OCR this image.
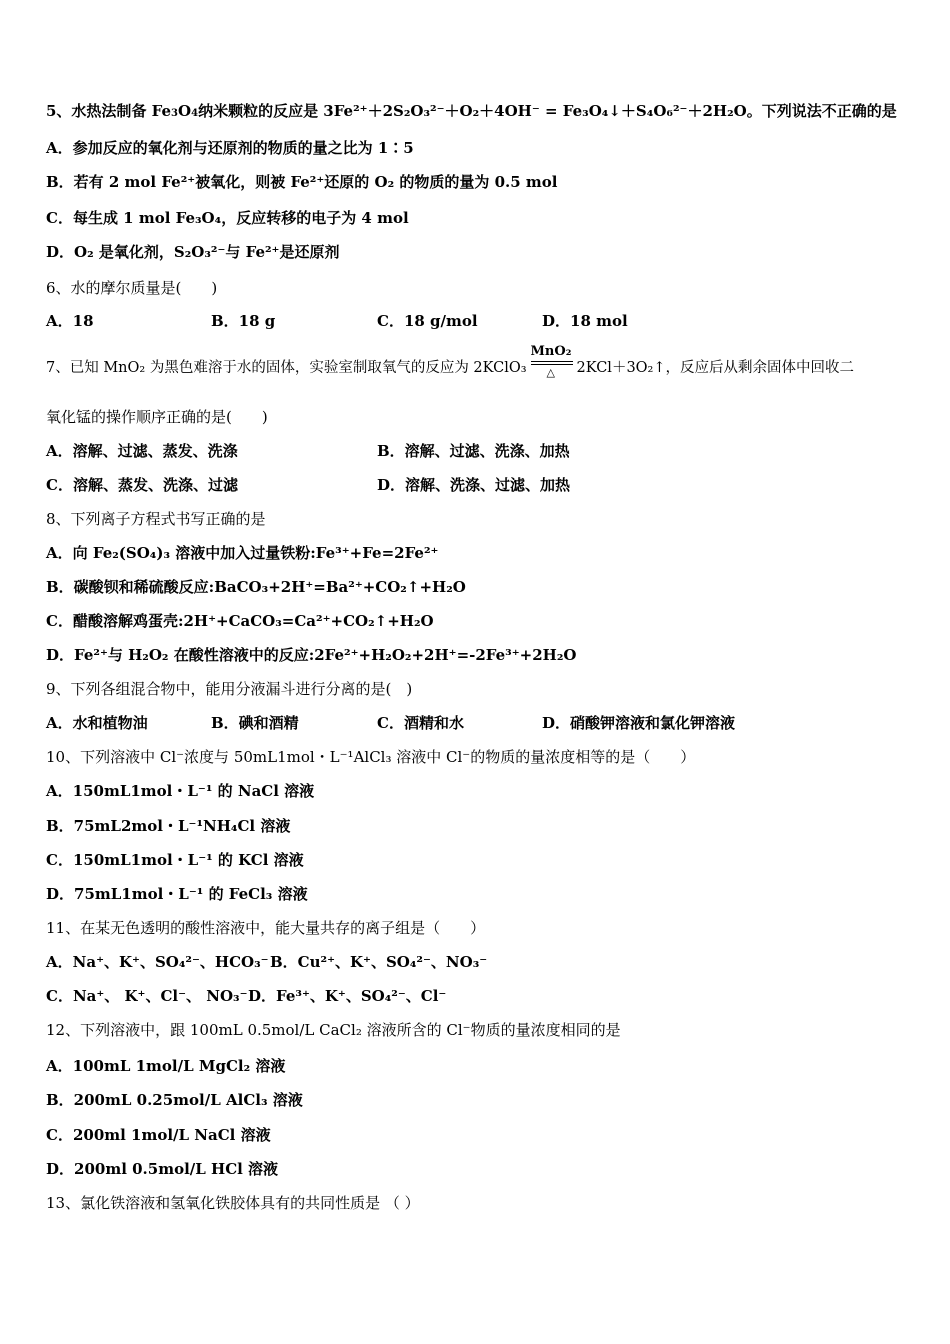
5、水热法制备 Fe3O4纳米颗粒的反应是 3Fe²⁺＋2S₂O₃²⁻＋O₂＋4OH⁻ = Fe₃O₄↓＋S₄O₆²⁻＋2H₂O。下列说法不正确的是
A．参加反应的氧化剂与还原剂的物质的量之比为 1∶5
B．若有 2 mol Fe²⁺被氧化，则被 Fe²⁺还原的 O₂ 的物质的量为 0.5 mol
C．每生成 1 mol Fe₃O₄，反应转移的电子为 4 mol
D．O₂ 是氧化剂，S₂O₃²⁻与 Fe²⁺是还原剂
6、水的摩尔质量是(　　)
A．18	B．18 g	C．18 g/mol	D．18 mol
7、已知 MnO₂ 为黑色难溶于水的固体，实验室制取氧气的反应为 2KClO₃
MnO₂
△ 2KCl＋3O₂↑，反应后从剩余固体中回收二
氧化锰的操作顺序正确的是(　　)
A．溶解、过滤、蒸发、洗涤	B．溶解、过滤、洗涤、加热
C．溶解、蒸发、洗涤、过滤	D．溶解、洗涤、过滤、加热
8、下列离子方程式书写正确的是
A．向 Fe₂(SO₄)₃ 溶液中加入过量铁粉:Fe³⁺+Fe=2Fe²⁺
B．碳酸钡和稀硫酸反应:BaCO₃+2H⁺=Ba²⁺+CO₂↑+H₂O
C．醋酸溶解鸡蛋壳:2H⁺+CaCO₃=Ca²⁺+CO₂↑+H₂O
D．Fe²⁺与 H₂O₂ 在酸性溶液中的反应:2Fe²⁺+H₂O₂+2H⁺=-2Fe³⁺+2H₂O
9、下列各组混合物中，能用分液漏斗进行分离的是(　)
A．水和植物油	B．碘和酒精	C．酒精和水	D．硝酸钾溶液和氯化钾溶液
10、下列溶液中 Cl⁻浓度与 50mL1mol・L⁻¹AlCl₃ 溶液中 Cl⁻的物质的量浓度相等的是（　　）
A．150mL1mol・L⁻¹ 的 NaCl 溶液
B．75mL2mol・L⁻¹NH₄Cl 溶液
C．150mL1mol・L⁻¹ 的 KCl 溶液
D．75mL1mol・L⁻¹ 的 FeCl₃ 溶液
11、在某无色透明的酸性溶液中，能大量共存的离子组是（　　）
A．Na⁺、K⁺、SO₄²⁻、HCO₃⁻ B．Cu²⁺、K⁺、SO₄²⁻、NO₃⁻
C．Na⁺、 K⁺、Cl⁻、 NO₃⁻ D．Fe³⁺、K⁺、SO₄²⁻、Cl⁻
12、下列溶液中，跟 100mL 0.5mol/L CaCl₂ 溶液所含的 Cl⁻物质的量浓度相同的是
A．100mL 1mol/L MgCl₂ 溶液
B．200mL 0.25mol/L AlCl₃ 溶液
C．200ml 1mol/L NaCl 溶液
D．200ml 0.5mol/L HCl 溶液
13、氯化铁溶液和氢氧化铁胶体具有的共同性质是 （ ）
